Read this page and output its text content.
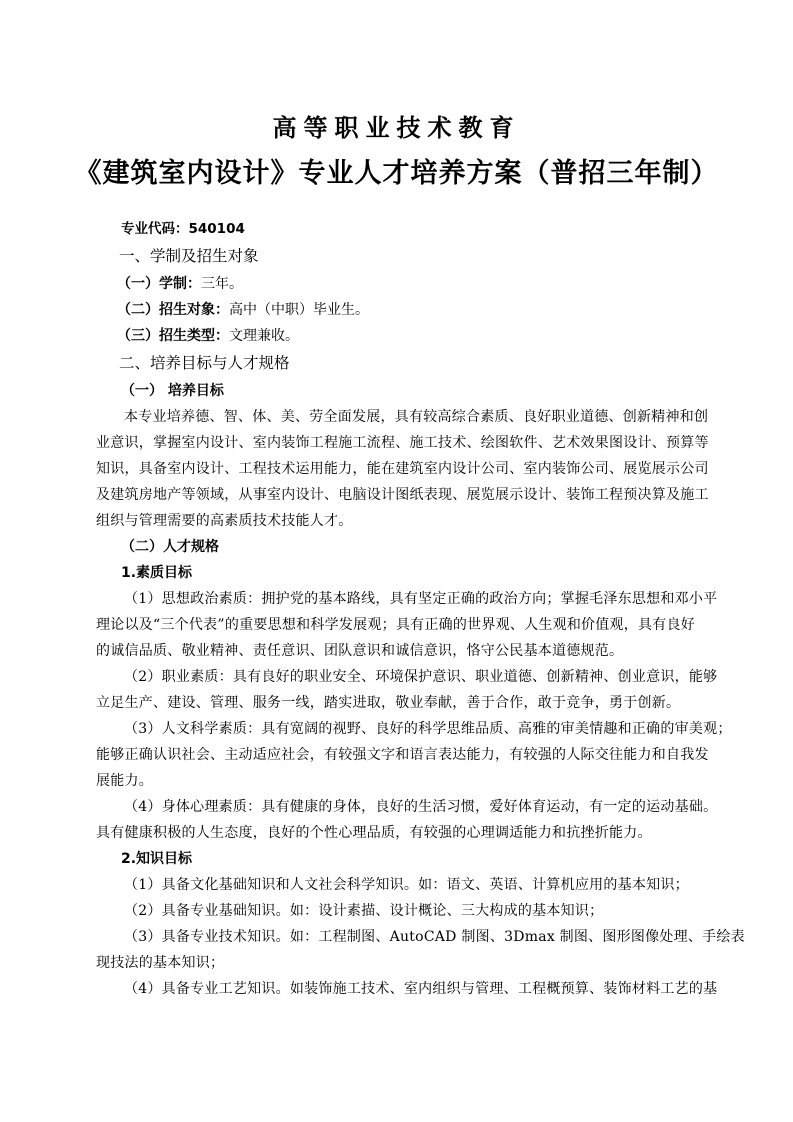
高等职业技术教育
《建筑室内设计》专业人才培养方案（普招三年制）
专业代码：540104
一、学制及招生对象
（一）学制：三年。
（二）招生对象：高中（中职）毕业生。
（三）招生类型：文理兼收。
二、培养目标与人才规格
（一） 培养目标
本专业培养德、智、体、美、劳全面发展，具有较高综合素质、良好职业道德、创新精神和创
业意识，掌握室内设计、室内装饰工程施工流程、施工技术、绘图软件、艺术效果图设计、预算等
知识，具备室内设计、工程技术运用能力，能在建筑室内设计公司、室内装饰公司、展览展示公司
及建筑房地产等领域，从事室内设计、电脑设计图纸表现、展览展示设计、装饰工程预决算及施工
组织与管理需要的高素质技术技能人才。
（二）人才规格
1.素质目标
（1）思想政治素质：拥护党的基本路线，具有坚定正确的政治方向；掌握毛泽东思想和邓小平
理论以及“三个代表”的重要思想和科学发展观；具有正确的世界观、人生观和价值观，具有良好
的诚信品质、敬业精神、责任意识、团队意识和诚信意识，恪守公民基本道德规范。
（2）职业素质：具有良好的职业安全、环境保护意识、职业道德、创新精神、创业意识，能够
立足生产、建设、管理、服务一线，踏实进取，敬业奉献，善于合作，敢于竞争，勇于创新。
（3）人文科学素质：具有宽阔的视野、良好的科学思维品质、高雅的审美情趣和正确的审美观；
能够正确认识社会、主动适应社会，有较强文字和语言表达能力，有较强的人际交往能力和自我发
展能力。
（4）身体心理素质：具有健康的身体，良好的生活习惯，爱好体育运动，有一定的运动基础。
具有健康积极的人生态度，良好的个性心理品质，有较强的心理调适能力和抗挫折能力。
2.知识目标
（1）具备文化基础知识和人文社会科学知识。如：语文、英语、计算机应用的基本知识；
（2）具备专业基础知识。如：设计素描、设计概论、三大构成的基本知识；
（3）具备专业技术知识。如：工程制图、AutoCAD 制图、3Dmax 制图、图形图像处理、手绘表
现技法的基本知识；
（4）具备专业工艺知识。如装饰施工技术、室内组织与管理、工程概预算、装饰材料工艺的基
